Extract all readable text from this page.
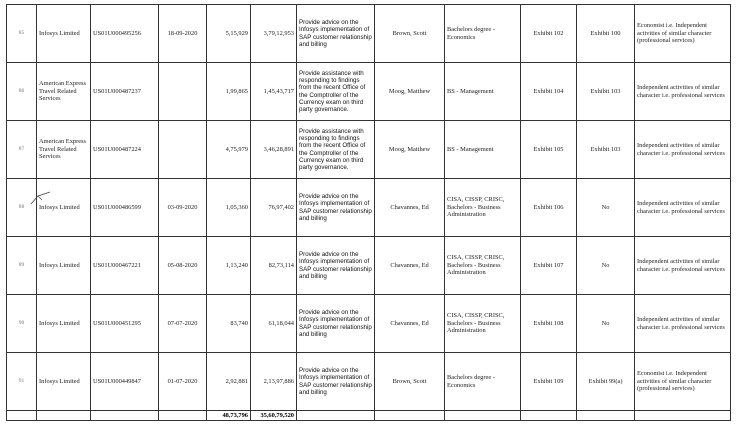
85	Infosys Limited	US01U000495256	18-09-2020	5,15,929	3,79,12,953	Provide advice on the Infosys implementation of SAP customer relationship and billing	Brown, Scott	Bachelors degree - Economics	Exhibit 102	Exhibit 100	Economist i.e. Independent activities of similar character (professional services)
86	American Express Travel Related Services	US01U000487237		1,99,865	1,45,43,717	Provide assistance with responding to findings from the recent Office of the Comptroller of the Currency exam on third party governance.	Moog, Matthew	BS - Management	Exhibit 104	Exhibit 103	Independent activities of similar character i.e. professional services
87	American Express Travel Related Services	US01U000487224		4,75,979	3,46,28,891	Provide assistance with responding to findings from the recent Office of the Comptroller of the Currency exam on third party governance.	Moog, Matthew	BS - Management	Exhibit 105	Exhibit 103	Independent activities of similar character i.e. professional services
88	Infosys Limited	US01U000486599	03-09-2020	1,05,360	76,97,402	Provide advice on the Infosys implementation of SAP customer relationship and billing	Chavannes, Ed	CISA, CISSP, CRISC, Bachelors - Business Administration	Exhibit 106	No	Independent activities of similar character i.e. professional services
89	Infosys Limited	US01U000467221	05-08-2020	1,13,240	82,73,114	Provide advice on the Infosys implementation of SAP customer relationship and billing	Chavannes, Ed	CISA, CISSP, CRISC, Bachelors - Business Administration	Exhibit 107	No	Independent activities of similar character i.e. professional services
90	Infosys Limited	US01U000451295	07-07-2020	83,740	61,18,044	Provide advice on the Infosys implementation of SAP customer relationship and billing	Chavannes, Ed	CISA, CISSP, CRISC, Bachelors - Business Administration	Exhibit 108	No	Independent activities of similar character i.e. professional services
91	Infosys Limited	US01U000449847	01-07-2020	2,92,881	2,13,97,886	Provide advice on the Infosys implementation of SAP customer relationship and billing	Brown, Scott	Bachelors degree - Economics	Exhibit 109	Exhibit 99(a)	Economist i.e. Independent activities of similar character (professional services)
				48,73,796	35,60,79,520						
